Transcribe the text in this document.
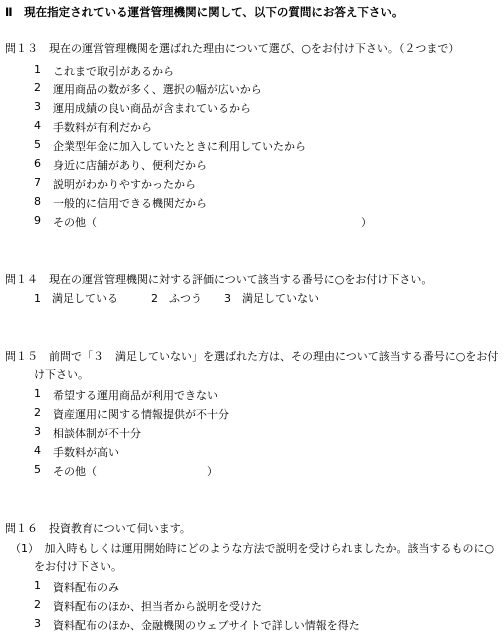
Ⅱ　現在指定されている運営管理機関に関して、以下の質問にお答え下さい。
問１３　現在の運営管理機関を選ばれた理由について選び、○をお付け下さい。（２つまで）
1 これまで取引があるから
2 運用商品の数が多く、選択の幅が広いから
3 運用成績の良い商品が含まれているから
4 手数料が有利だから
5 企業型年金に加入していたときに利用していたから
6 身近に店舗があり、便利だから
7 説明がわかりやすかったから
8 一般的に信用できる機関だから
9 その他（　　　　　　　　　　　　　　　　　　　　　　　　）
問１４　現在の運営管理機関に対する評価について該当する番号に○をお付け下さい。
1　満足している　　　2　ふつう　　3　満足していない
問１５　前問で「３　満足していない」を選ばれた方は、その理由について該当する番号に○をお付
け下さい。
1 希望する運用商品が利用できない
2 資産運用に関する情報提供が不十分
3 相談体制が不十分
4 手数料が高い
5 その他（　　　　　　　　　　）
問１６　投資教育について伺います。
（1）　加入時もしくは運用開始時にどのような方法で説明を受けられましたか。該当するものに○
をお付け下さい。
1 資料配布のみ
2 資料配布のほか、担当者から説明を受けた
3 資料配布のほか、金融機関のウェブサイトで詳しい情報を得た
